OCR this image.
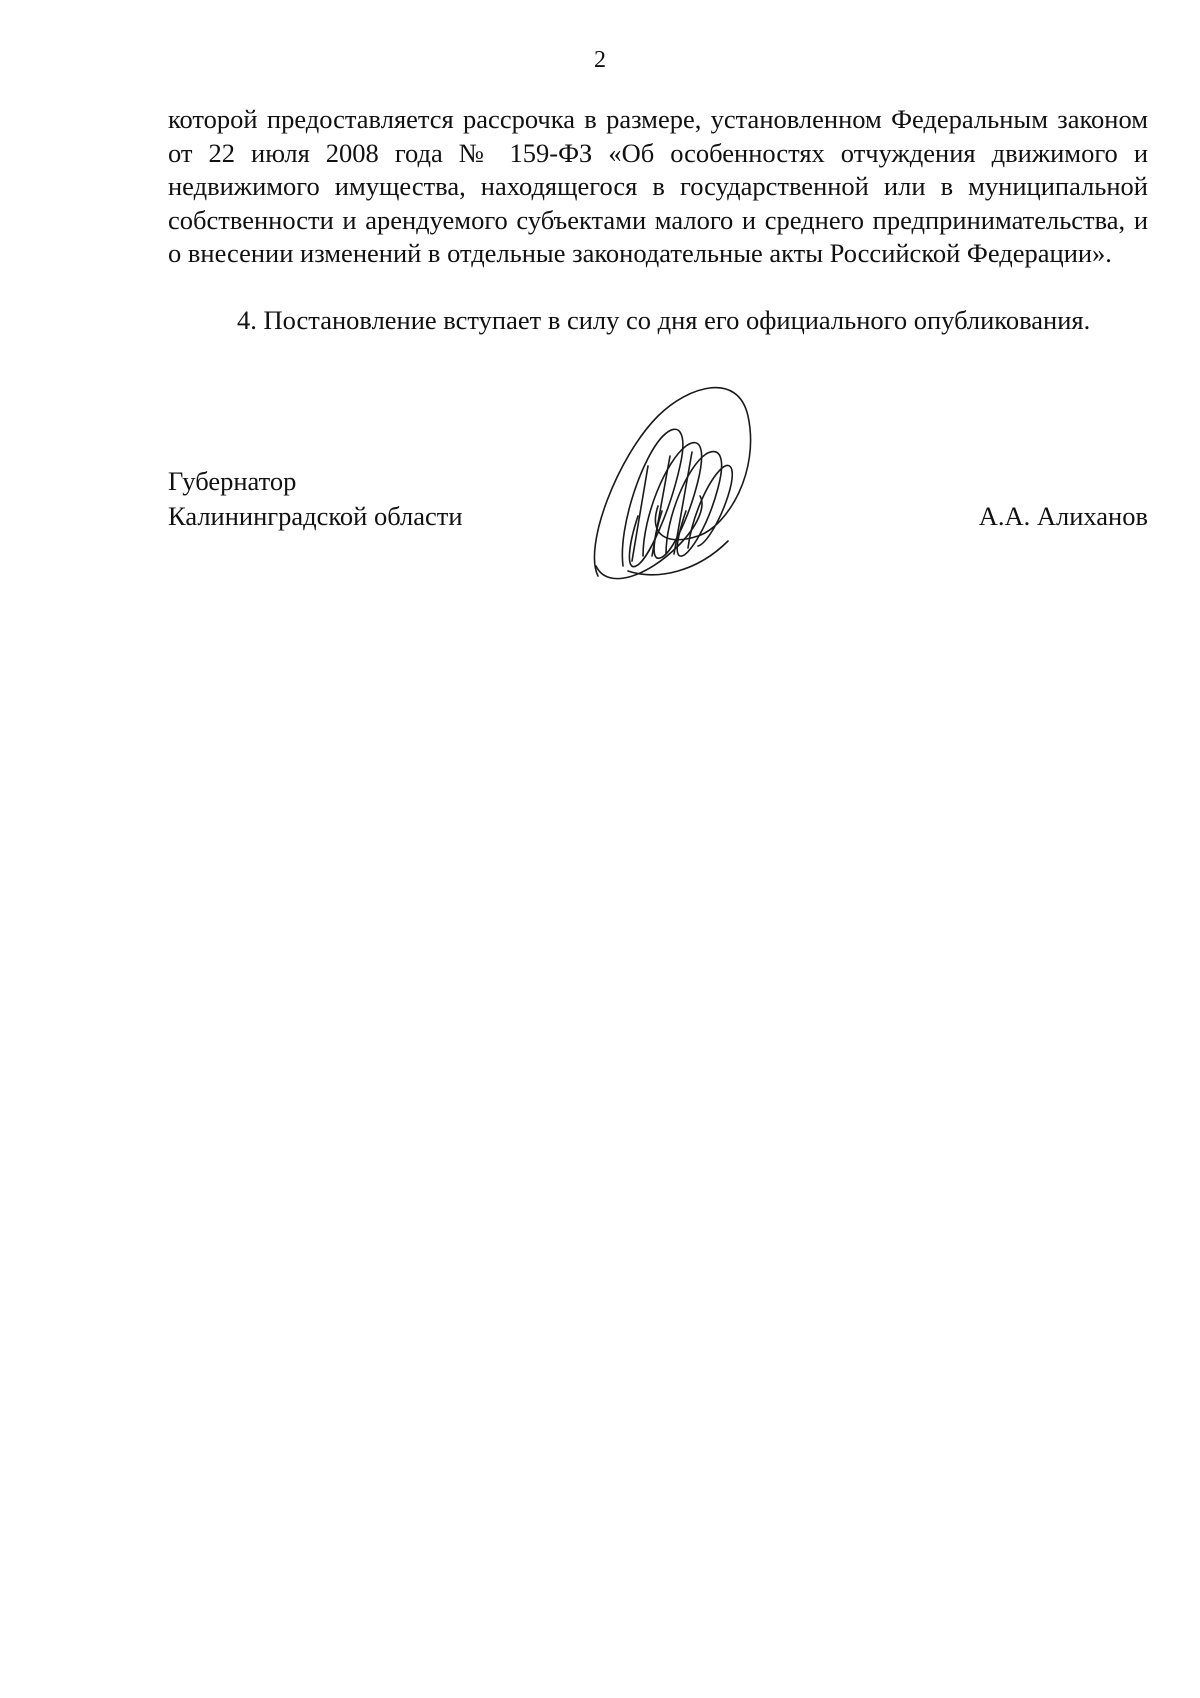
2

которой предоставляется рассрочка в размере, установленном Федеральным законом от 22 июля 2008 года № 159-ФЗ «Об особенностях отчуждения движимого и недвижимого имущества, находящегося в государственной или в муниципальной собственности и арендуемого субъектами малого и среднего предпринимательства, и о внесении изменений в отдельные законодательные акты Российской Федерации».

4. Постановление вступает в силу со дня его официального опубликования.

Губернатор
Калининградской области	А.А. Алиханов
